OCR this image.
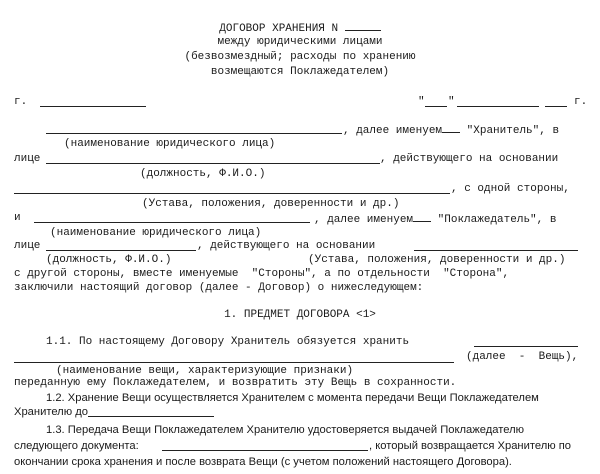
ДОГОВОР ХРАНЕНИЯ N
между юридическими лицами
(безвозмездный; расходы по хранению
возмещаются Поклажедателем)
г.	" "	г.
, далее именуем "Хранитель", в
(наименование юридического лица)
лице	, действующего на основании
(должность, Ф.И.О.)
, с одной стороны,
(Устава, положения, доверенности и др.)
и	, далее именуем "Поклажедатель", в
(наименование юридического лица)
лице	, действующего на основании
(должность, Ф.И.О.)	(Устава, положения, доверенности и др.)
с другой стороны, вместе именуемые  "Стороны", а по отдельности  "Сторона",
заключили настоящий договор (далее - Договор) о нижеследующем:
1. ПРЕДМЕТ ДОГОВОРА <1>
1.1. По настоящему Договору Хранитель обязуется хранить
(далее  -  Вещь),
(наименование вещи, характеризующие признаки)
переданную ему Поклажедателем, и возвратить эту Вещь в сохранности.
1.2. Хранение Вещи осуществляется Хранителем с момента передачи Вещи Поклажедателем
Хранителю до
1.3. Передача Вещи Поклажедателем Хранителю удостоверяется выдачей Поклажедателю
следующего документа:	, который возвращается Хранителю по
окончании срока хранения и после возврата Вещи (с учетом положений настоящего Договора).
